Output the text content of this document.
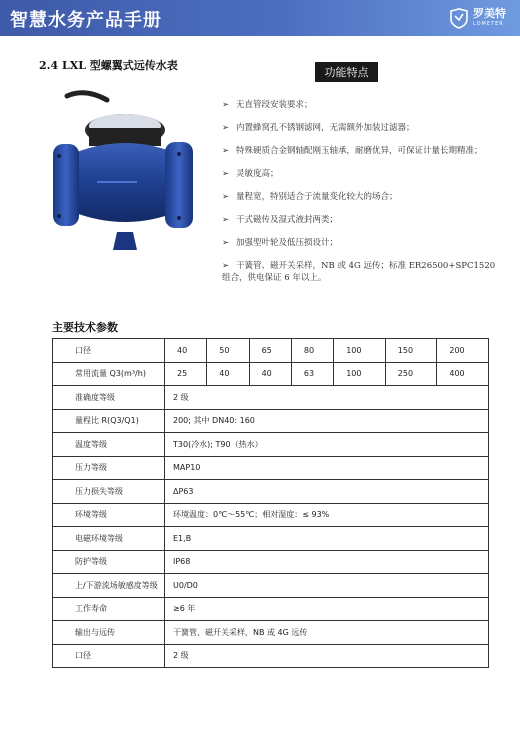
智慧水务产品手册	罗美特
LOMETER
2.4 LXL 型螺翼式远传水表
功能特点
➢ 无直管段安装要求；
➢ 内置蜂窝孔不锈钢滤网，无需额外加装过滤器；
➢ 特殊硬质合金钢轴配刚玉轴承，耐磨优异，可保证计量长期精准；
➢ 灵敏度高；
➢ 量程宽，特别适合于流量变化较大的场合；
➢ 干式磁传及湿式液封两类；
➢ 加强型叶轮及低压损设计；
➢ 干簧管、磁开关采样，NB 或 4G 远传；标准 ER26500+SPC1520 组合，供电保证 6 年以上。
主要技术参数
口径	40	50	65	80	100	150	200
常用流量 Q3(m³/h)	25	40	40	63	100	250	400
准确度等级	2 级						
量程比 R(Q3/Q1)	200; 其中 DN40: 160						
温度等级	T30(冷水); T90（热水）						
压力等级	MAP10						
压力损失等级	ΔP63						
环境等级	环境温度：0℃～55℃；相对湿度：≤ 93%						
电磁环境等级	E1,B						
防护等级	IP68						
上/下游流场敏感度等级	U0/D0						
工作寿命	≥6 年						
输出与远传	干簧管、磁开关采样，NB 或 4G 远传						
口径	2 级						
